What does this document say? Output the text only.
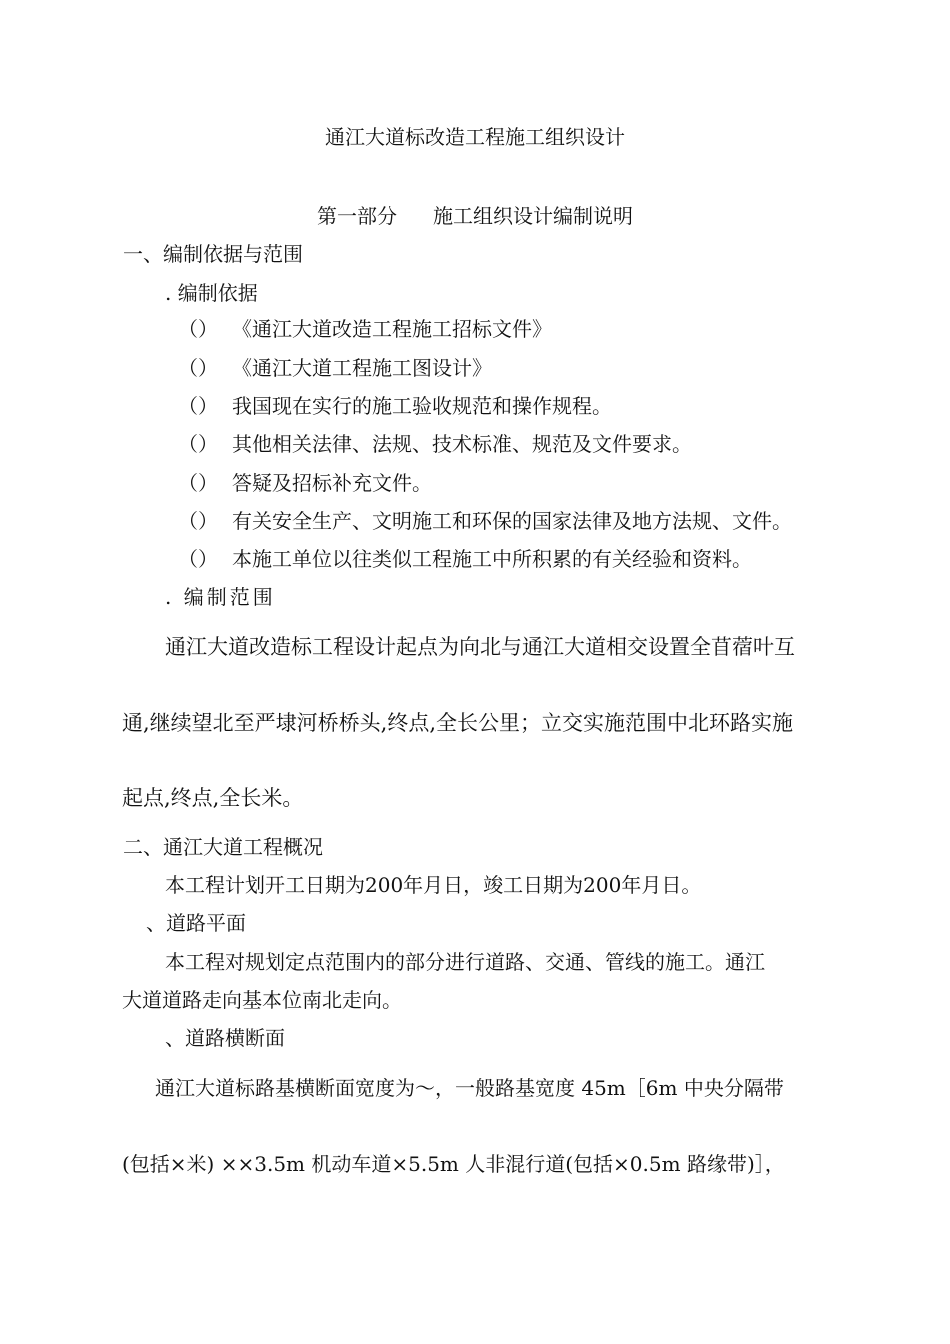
通江大道标改造工程施工组织设计
第一部分 施工组织设计编制说明
一、编制依据与范围
. 编制依据
（） 《通江大道改造工程施工招标文件》
（） 《通江大道工程施工图设计》
（） 我国现在实行的施工验收规范和操作规程。
（） 其他相关法律、法规、技术标准、规范及文件要求。
（） 答疑及招标补充文件。
（） 有关安全生产、文明施工和环保的国家法律及地方法规、文件。
（） 本施工单位以往类似工程施工中所积累的有关经验和资料。
. 编制范围
通江大道改造标工程设计起点为向北与通江大道相交设置全苜蓿叶互
通,继续望北至严埭河桥桥头,终点,全长公里；立交实施范围中北环路实施
起点,终点,全长米。
二、通江大道工程概况
本工程计划开工日期为200年月日，竣工日期为200年月日。
、道路平面
本工程对规划定点范围内的部分进行道路、交通、管线的施工。通江
大道道路走向基本位南北走向。
、道路横断面
通江大道标路基横断面宽度为～，一般路基宽度 45m［6m 中央分隔带
(包括×米) ××3.5m 机动车道×5.5m 人非混行道(包括×0.5m 路缘带)］，
